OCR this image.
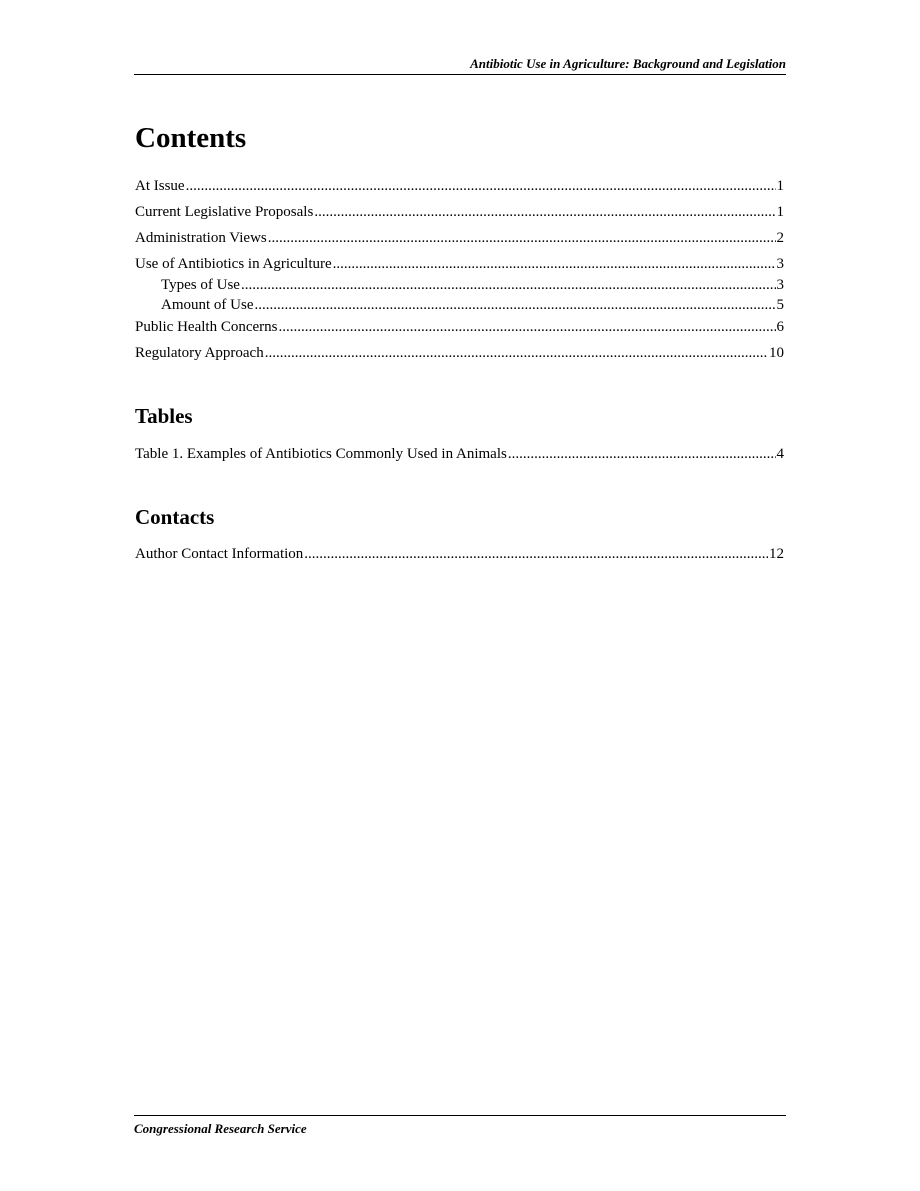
Antibiotic Use in Agriculture: Background and Legislation
Contents
At Issue .....	1
Current Legislative Proposals .....	1
Administration Views .....	2
Use of Antibiotics in Agriculture .....	3
Types of Use .....	3
Amount of Use .....	5
Public Health Concerns .....	6
Regulatory Approach .....	10
Tables
Table 1. Examples of Antibiotics Commonly Used in Animals .....	4
Contacts
Author Contact Information .....	12
Congressional Research Service
